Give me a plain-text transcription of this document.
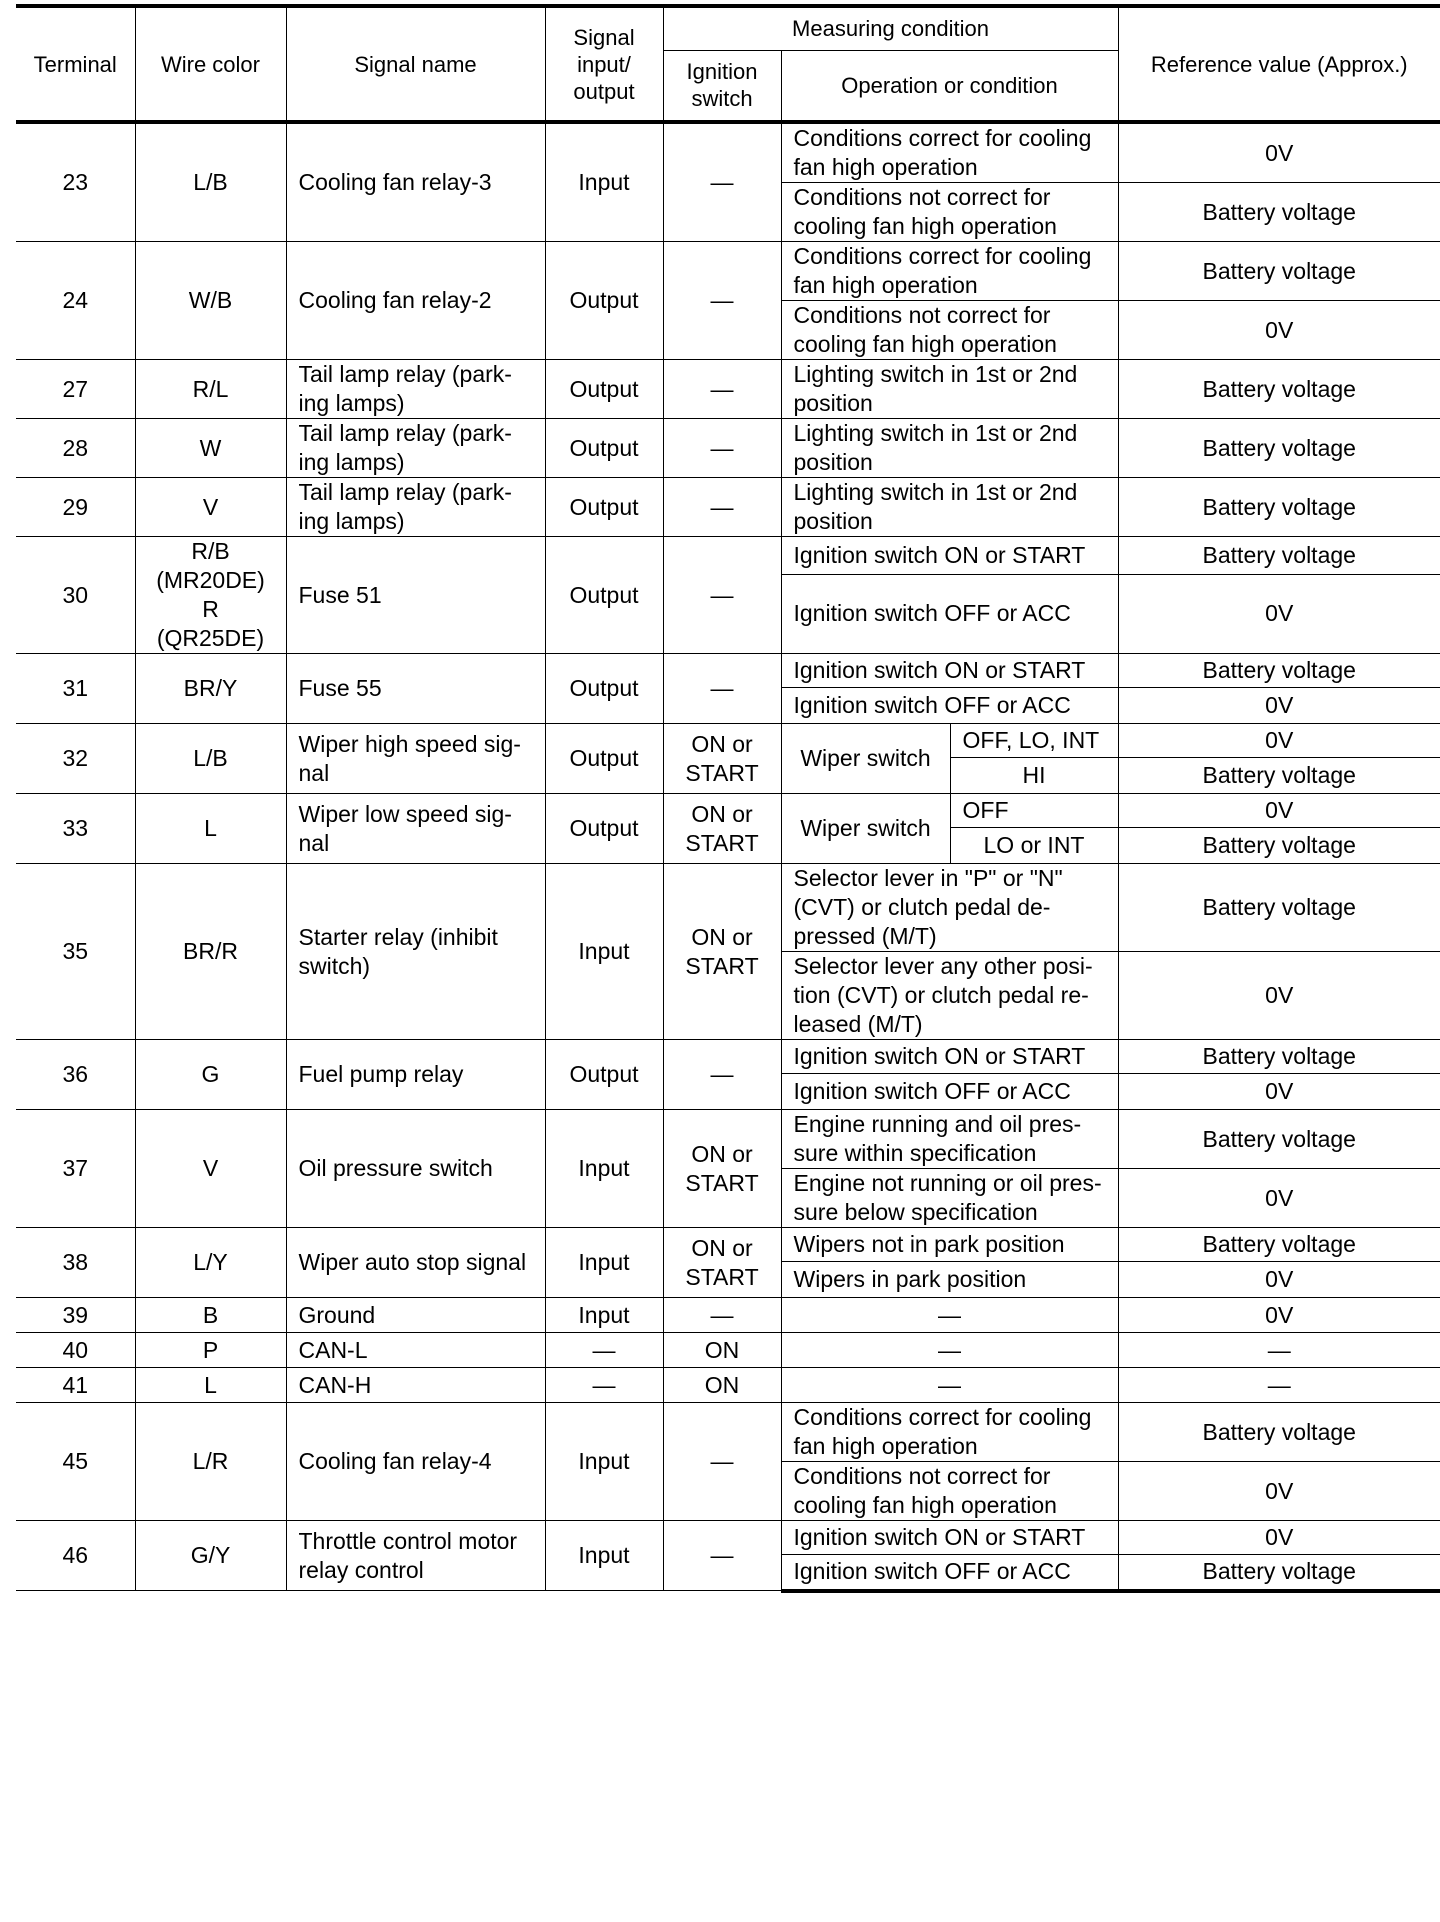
Terminal	Wire color	Signal name	Signal input/ output	Measuring condition			Reference value (Approx.)
				Ignition switch	Operation or condition		
23	L/B	Cooling fan relay-3	Input	—	Conditions correct for cooling fan high operation		0V
					Conditions not correct for cooling fan high operation		Battery voltage
24	W/B	Cooling fan relay-2	Output	—	Conditions correct for cooling fan high operation		Battery voltage
					Conditions not correct for cooling fan high operation		0V
27	R/L	Tail lamp relay (park-ing lamps)	Output	—	Lighting switch in 1st or 2nd position		Battery voltage
28	W	Tail lamp relay (park-ing lamps)	Output	—	Lighting switch in 1st or 2nd position		Battery voltage
29	V	Tail lamp relay (park-ing lamps)	Output	—	Lighting switch in 1st or 2nd position		Battery voltage
30	R/B (MR20DE) R (QR25DE)	Fuse 51	Output	—	Ignition switch ON or START		Battery voltage
					Ignition switch OFF or ACC		0V
31	BR/Y	Fuse 55	Output	—	Ignition switch ON or START		Battery voltage
					Ignition switch OFF or ACC		0V
32	L/B	Wiper high speed sig-nal	Output	ON or START	Wiper switch	OFF, LO, INT	0V
						HI	Battery voltage
33	L	Wiper low speed sig-nal	Output	ON or START	Wiper switch	OFF	0V
						LO or INT	Battery voltage
35	BR/R	Starter relay (inhibit switch)	Input	ON or START	Selector lever in "P" or "N" (CVT) or clutch pedal de-pressed (M/T)		Battery voltage
					Selector lever any other posi-tion (CVT) or clutch pedal re-leased (M/T)		0V
36	G	Fuel pump relay	Output	—	Ignition switch ON or START		Battery voltage
					Ignition switch OFF or ACC		0V
37	V	Oil pressure switch	Input	ON or START	Engine running and oil pres-sure within specification		Battery voltage
					Engine not running or oil pres-sure below specification		0V
38	L/Y	Wiper auto stop signal	Input	ON or START	Wipers not in park position		Battery voltage
					Wipers in park position		0V
39	B	Ground	Input	—	—		0V
40	P	CAN-L	—	ON	—		—
41	L	CAN-H	—	ON	—		—
45	L/R	Cooling fan relay-4	Input	—	Conditions correct for cooling fan high operation		Battery voltage
					Conditions not correct for cooling fan high operation		0V
46	G/Y	Throttle control motor relay control	Input	—	Ignition switch ON or START		0V
					Ignition switch OFF or ACC		Battery voltage
